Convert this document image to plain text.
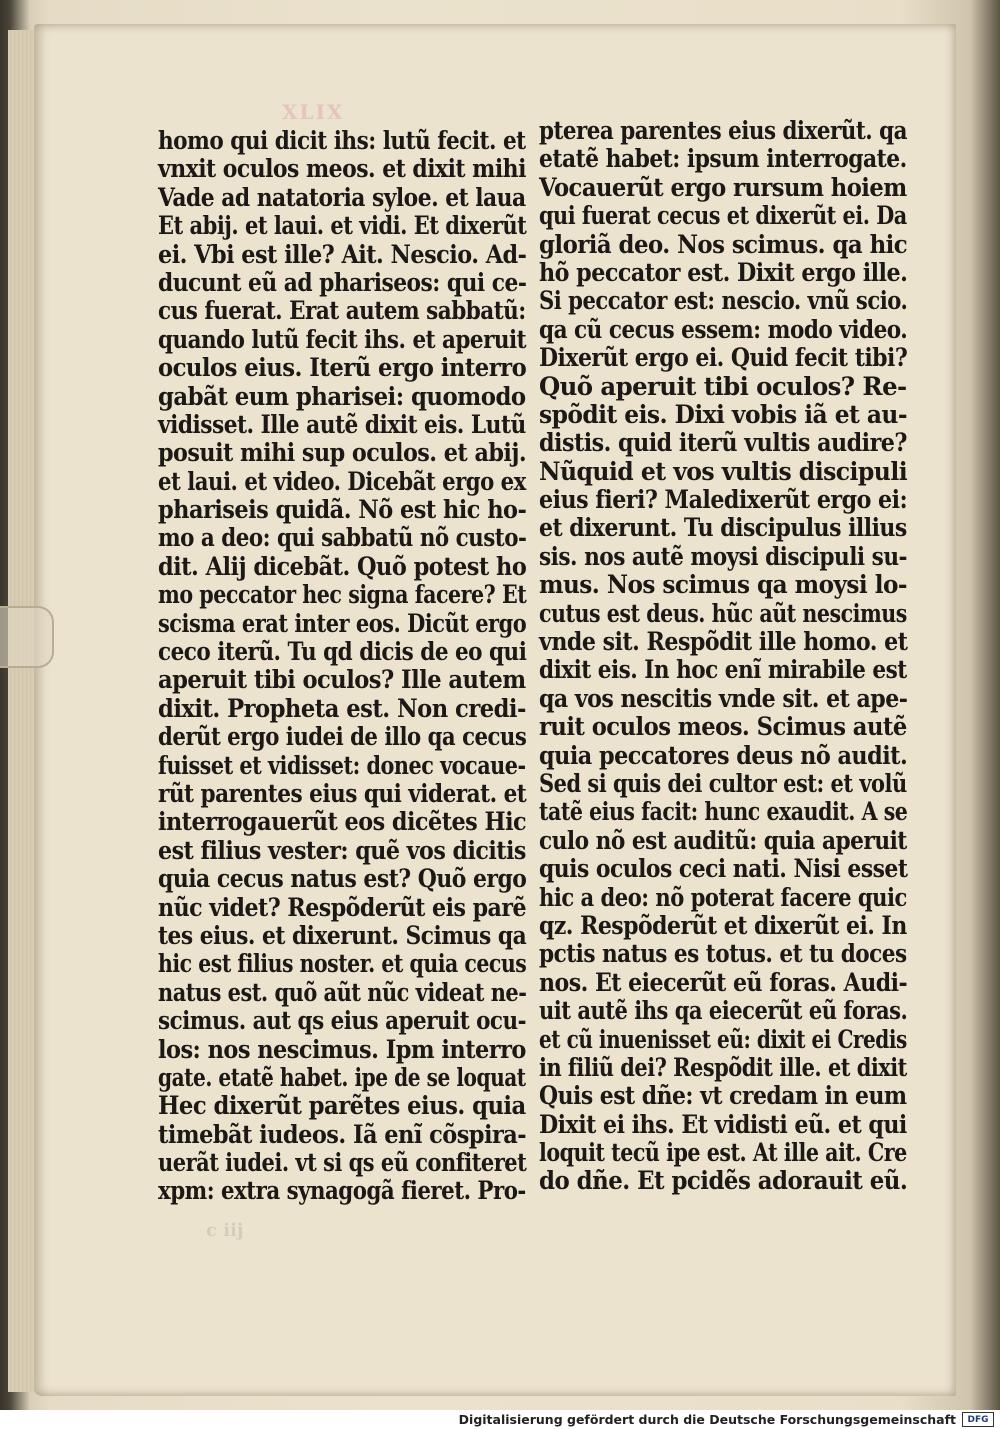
XLIX
c iij
homo qui dicit ihs: lutũ fecit. et
vnxit oculos meos. et dixit mihi
Vade ad natatoria syloe. et laua
Et abij. et laui. et vidi. Et dixerũt
ei. Vbi est ille? Ait. Nescio. Ad-
ducunt eũ ad phariseos: qui ce-
cus fuerat. Erat autem sabbatũ:
quando lutũ fecit ihs. et aperuit
oculos eius. Iterũ ergo interro
gabãt eum pharisei: quomodo
vidisset. Ille autẽ dixit eis. Lutũ
posuit mihi sup oculos. et abij.
et laui. et video. Dicebãt ergo ex
phariseis quidã. Nõ est hic ho-
mo a deo: qui sabbatũ nõ custo-
dit. Alij dicebãt. Quõ potest ho
mo peccator hec signa facere? Et
scisma erat inter eos. Dicũt ergo
ceco iterũ. Tu qd dicis de eo qui
aperuit tibi oculos? Ille autem
dixit. Propheta est. Non credi-
derũt ergo iudei de illo qa cecus
fuisset et vidisset: donec vocaue-
rũt parentes eius qui viderat. et
interrogauerũt eos dicẽtes Hic
est filius vester: quẽ vos dicitis
quia cecus natus est? Quõ ergo
nũc videt? Respõderũt eis parẽ
tes eius. et dixerunt. Scimus qa
hic est filius noster. et quia cecus
natus est. quõ aũt nũc videat ne-
scimus. aut qs eius aperuit ocu-
los: nos nescimus. Ipm interro
gate. etatẽ habet. ipe de se loquat
Hec dixerũt parẽtes eius. quia
timebãt iudeos. Iã enĩ cõspira-
uerãt iudei. vt si qs eũ confiteret
xpm: extra synagogã fieret. Pro-
pterea parentes eius dixerũt. qa
etatẽ habet: ipsum interrogate.
Vocauerũt ergo rursum hoiem
qui fuerat cecus et dixerũt ei. Da
gloriã deo. Nos scimus. qa hic
hõ peccator est. Dixit ergo ille.
Si peccator est: nescio. vnũ scio.
qa cũ cecus essem: modo video.
Dixerũt ergo ei. Quid fecit tibi?
Quõ aperuit tibi oculos? Re-
spõdit eis. Dixi vobis iã et au-
distis. quid iterũ vultis audire?
Nũquid et vos vultis discipuli
eius fieri? Maledixerũt ergo ei:
et dixerunt. Tu discipulus illius
sis. nos autẽ moysi discipuli su-
mus. Nos scimus qa moysi lo-
cutus est deus. hũc aũt nescimus
vnde sit. Respõdit ille homo. et
dixit eis. In hoc enĩ mirabile est
qa vos nescitis vnde sit. et ape-
ruit oculos meos. Scimus autẽ
quia peccatores deus nõ audit.
Sed si quis dei cultor est: et volũ
tatẽ eius facit: hunc exaudit. A se
culo nõ est auditũ: quia aperuit
quis oculos ceci nati. Nisi esset
hic a deo: nõ poterat facere quic
qz. Respõderũt et dixerũt ei. In
pctis natus es totus. et tu doces
nos. Et eiecerũt eũ foras. Audi-
uit autẽ ihs qa eiecerũt eũ foras.
et cũ inuenisset eũ: dixit ei Credis
in filiũ dei? Respõdit ille. et dixit
Quis est dñe: vt credam in eum
Dixit ei ihs. Et vidisti eũ. et qui
loquit tecũ ipe est. At ille ait. Cre
do dñe. Et pcidẽs adorauit eũ.
Digitalisierung gefördert durch die Deutsche Forschungsgemeinschaft	DFG
